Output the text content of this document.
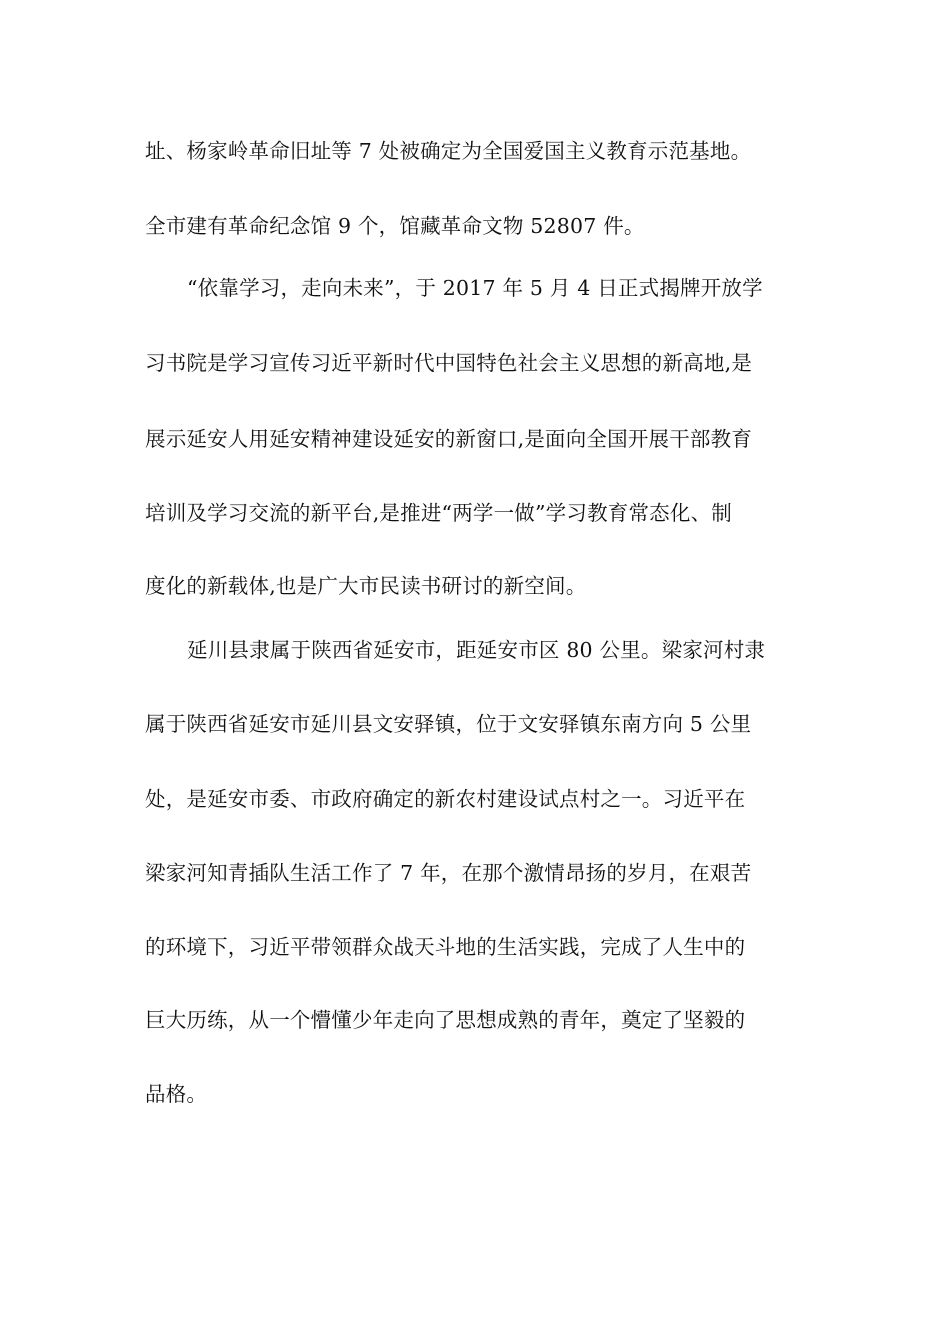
址、杨家岭革命旧址等 7 处被确定为全国爱国主义教育示范基地。
全市建有革命纪念馆 9 个，馆藏革命文物 52807 件。
“依靠学习，走向未来”，于 2017 年 5 月 4 日正式揭牌开放学
习书院是学习宣传习近平新时代中国特色社会主义思想的新高地,是
展示延安人用延安精神建设延安的新窗口,是面向全国开展干部教育
培训及学习交流的新平台,是推进“两学一做”学习教育常态化、制
度化的新载体,也是广大市民读书研讨的新空间。
延川县隶属于陕西省延安市，距延安市区 80 公里。梁家河村隶
属于陕西省延安市延川县文安驿镇，位于文安驿镇东南方向 5 公里
处，是延安市委、市政府确定的新农村建设试点村之一。习近平在
梁家河知青插队生活工作了 7 年，在那个激情昂扬的岁月，在艰苦
的环境下，习近平带领群众战天斗地的生活实践，完成了人生中的
巨大历练，从一个懵懂少年走向了思想成熟的青年，奠定了坚毅的
品格。
